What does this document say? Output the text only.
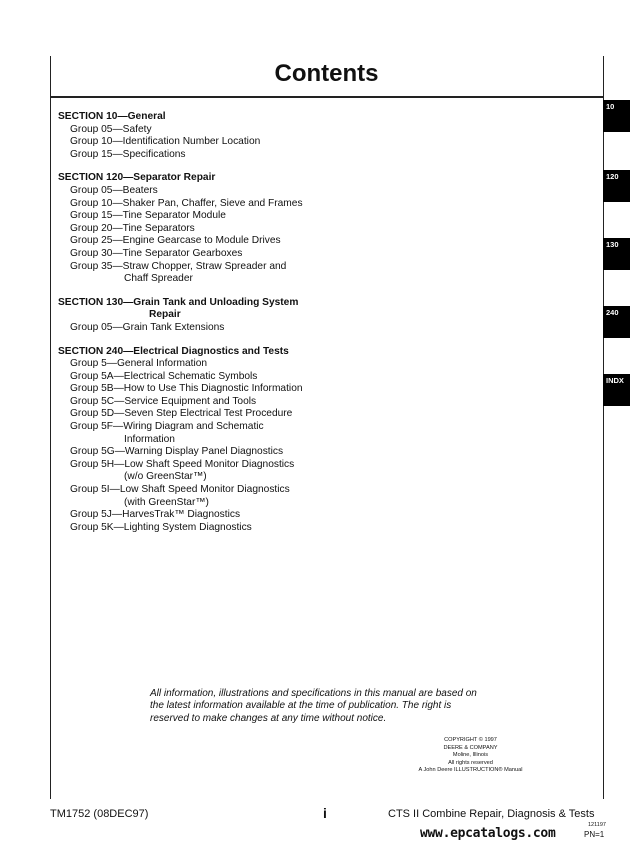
Contents
SECTION 10—General
Group 05—Safety
Group 10—Identification Number Location
Group 15—Specifications
SECTION 120—Separator Repair
Group 05—Beaters
Group 10—Shaker Pan, Chaffer, Sieve and Frames
Group 15—Tine Separator Module
Group 20—Tine Separators
Group 25—Engine Gearcase to Module Drives
Group 30—Tine Separator Gearboxes
Group 35—Straw Chopper, Straw Spreader and
Chaff Spreader
SECTION 130—Grain Tank and Unloading System
Repair
Group 05—Grain Tank Extensions
SECTION 240—Electrical Diagnostics and Tests
Group 5—General Information
Group 5A—Electrical Schematic Symbols
Group 5B—How to Use This Diagnostic Information
Group 5C—Service Equipment and Tools
Group 5D—Seven Step Electrical Test Procedure
Group 5F—Wiring Diagram and Schematic
Information
Group 5G—Warning Display Panel Diagnostics
Group 5H—Low Shaft Speed Monitor Diagnostics
(w/o GreenStar™)
Group 5I—Low Shaft Speed Monitor Diagnostics
(with GreenStar™)
Group 5J—HarvesTrak™ Diagnostics
Group 5K—Lighting System Diagnostics
10
120
130
240
INDX
All information, illustrations and specifications in this manual are based on
the latest information available at the time of publication. The right is
reserved to make changes at any time without notice.
COPYRIGHT © 1997
DEERE & COMPANY
Moline, Illinois
All rights reserved
A John Deere ILLUSTRUCTION® Manual
TM1752 (08DEC97)	i	CTS II Combine Repair, Diagnosis & Tests
121197
www.epcatalogs.com	PN=1
